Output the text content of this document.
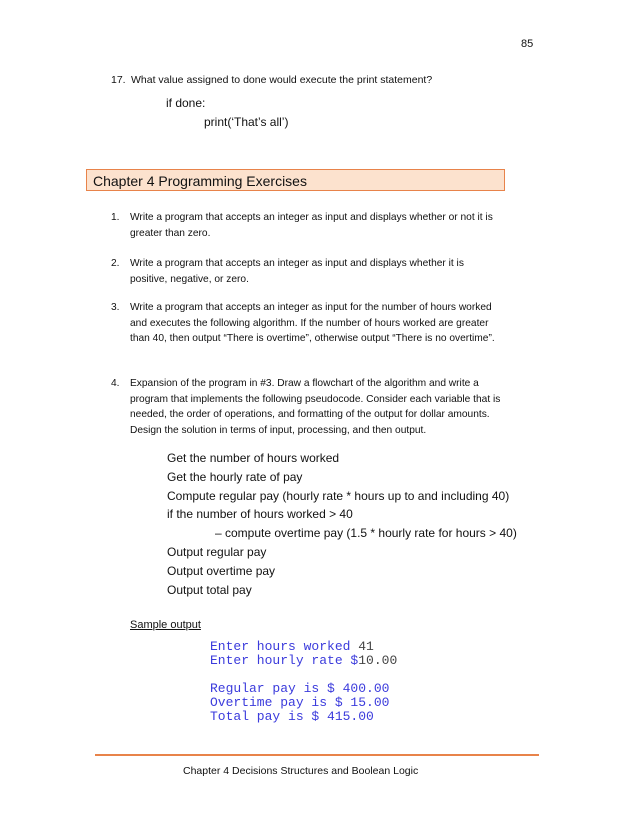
85
17. What value assigned to done would execute the print statement?
if done:
print(‘That’s all’)
Chapter 4 Programming Exercises
1. Write a program that accepts an integer as input and displays whether or not it is greater than zero.
2. Write a program that accepts an integer as input and displays whether it is positive, negative, or zero.
3. Write a program that accepts an integer as input for the number of hours worked and executes the following algorithm. If the number of hours worked are greater than 40, then output “There is overtime”, otherwise output “There is no overtime”.
4. Expansion of the program in #3. Draw a flowchart of the algorithm and write a program that implements the following pseudocode. Consider each variable that is needed, the order of operations, and formatting of the output for dollar amounts. Design the solution in terms of input, processing, and then output.
Get the number of hours worked
Get the hourly rate of pay
Compute regular pay (hourly rate * hours up to and including 40)
if the number of hours worked > 40
– compute overtime pay (1.5 * hourly rate for hours > 40)
Output regular pay
Output overtime pay
Output total pay
Sample output
Enter hours worked 41
Enter hourly rate $10.00
Regular pay is $ 400.00
Overtime pay is $ 15.00
Total pay is $ 415.00
Chapter 4 Decisions Structures and Boolean Logic
